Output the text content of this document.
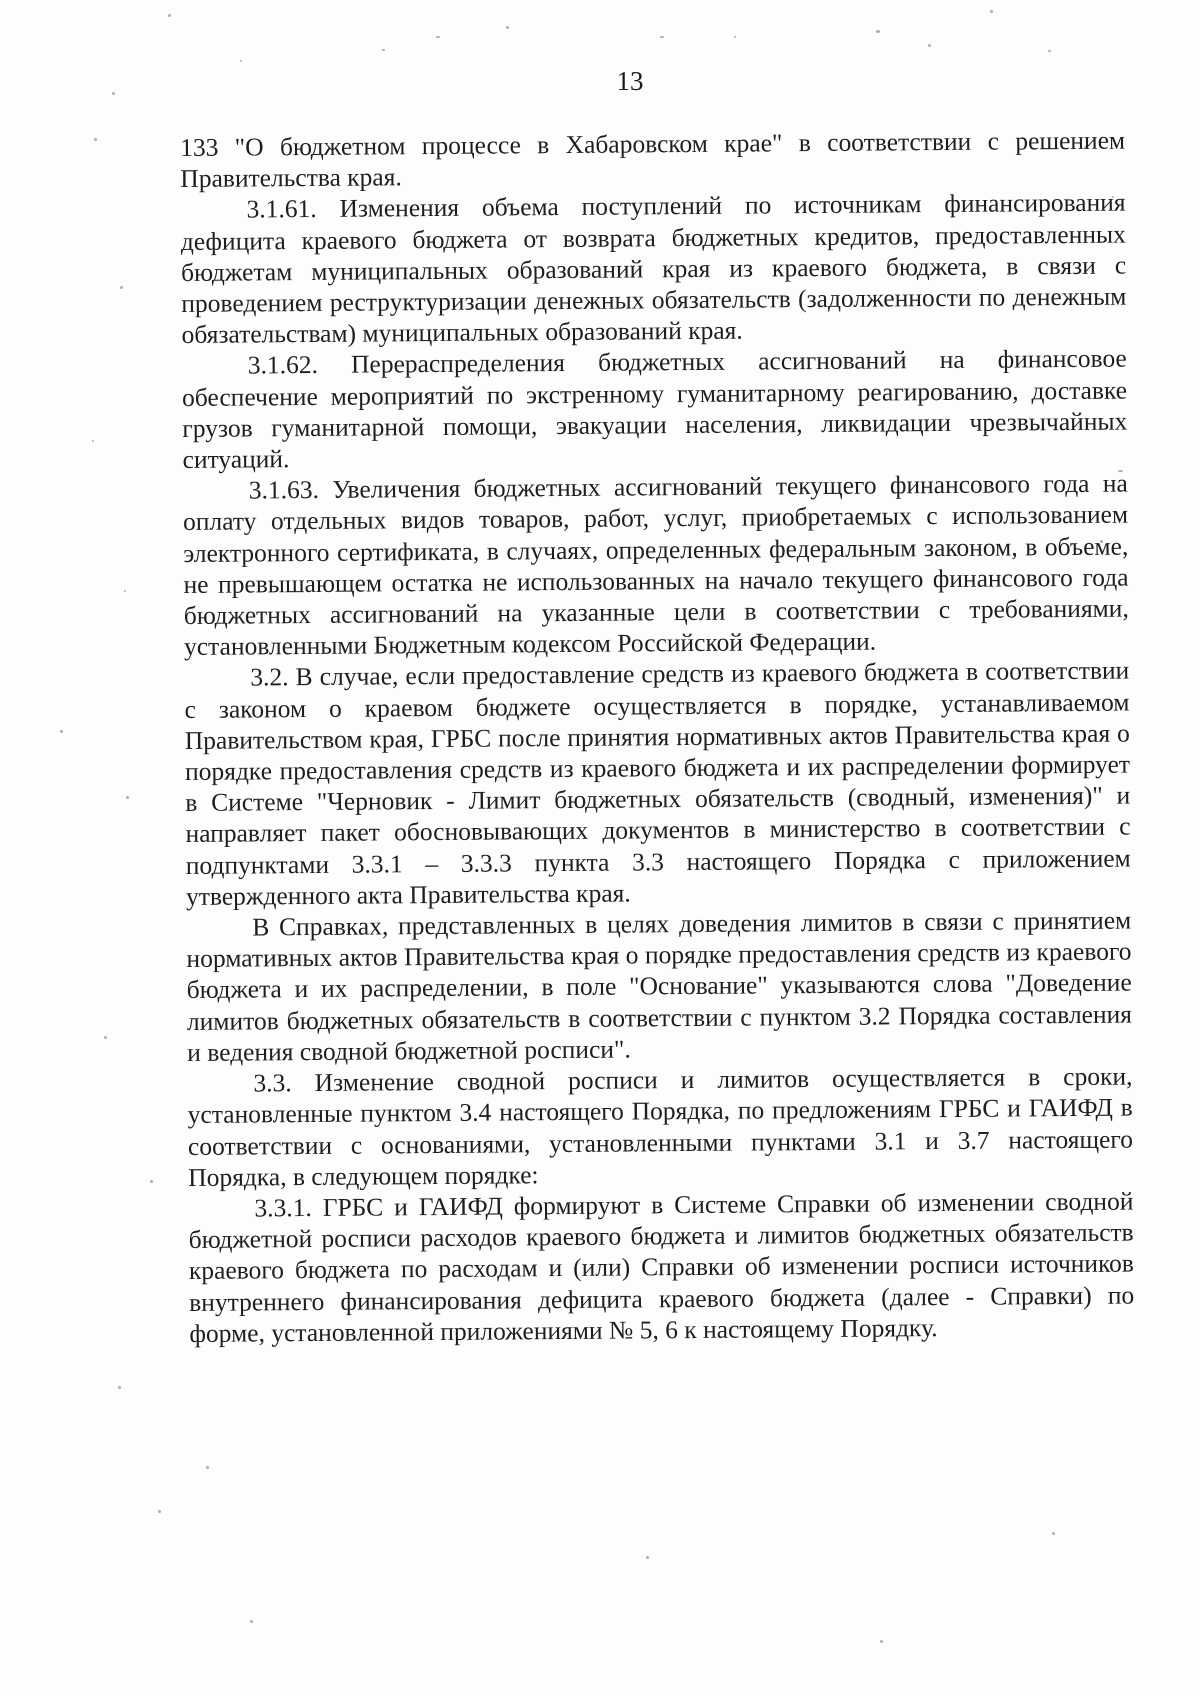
13

133 "О бюджетном процессе в Хабаровском крае" в соответствии с решением Правительства края.

3.1.61. Изменения объема поступлений по источникам финансирования дефицита краевого бюджета от возврата бюджетных кредитов, предоставленных бюджетам муниципальных образований края из краевого бюджета, в связи с проведением реструктуризации денежных обязательств (задолженности по денежным обязательствам) муниципальных образований края.

3.1.62. Перераспределения бюджетных ассигнований на финансовое обеспечение мероприятий по экстренному гуманитарному реагированию, доставке грузов гуманитарной помощи, эвакуации населения, ликвидации чрезвычайных ситуаций.

3.1.63. Увеличения бюджетных ассигнований текущего финансового года на оплату отдельных видов товаров, работ, услуг, приобретаемых с использованием электронного сертификата, в случаях, определенных федеральным законом, в объеме, не превышающем остатка не использованных на начало текущего финансового года бюджетных ассигнований на указанные цели в соответствии с требованиями, установленными Бюджетным кодексом Российской Федерации.

3.2. В случае, если предоставление средств из краевого бюджета в соответствии с законом о краевом бюджете осуществляется в порядке, устанавливаемом Правительством края, ГРБС после принятия нормативных актов Правительства края о порядке предоставления средств из краевого бюджета и их распределении формирует в Системе "Черновик - Лимит бюджетных обязательств (сводный, изменения)" и направляет пакет обосновывающих документов в министерство в соответствии с подпунктами 3.3.1 – 3.3.3 пункта 3.3 настоящего Порядка с приложением утвержденного акта Правительства края.

В Справках, представленных в целях доведения лимитов в связи с принятием нормативных актов Правительства края о порядке предоставления средств из краевого бюджета и их распределении, в поле "Основание" указываются слова "Доведение лимитов бюджетных обязательств в соответствии с пунктом 3.2 Порядка составления и ведения сводной бюджетной росписи".

3.3. Изменение сводной росписи и лимитов осуществляется в сроки, установленные пунктом 3.4 настоящего Порядка, по предложениям ГРБС и ГАИФД в соответствии с основаниями, установленными пунктами 3.1 и 3.7 настоящего Порядка, в следующем порядке:

3.3.1. ГРБС и ГАИФД формируют в Системе Справки об изменении сводной бюджетной росписи расходов краевого бюджета и лимитов бюджетных обязательств краевого бюджета по расходам и (или) Справки об изменении росписи источников внутреннего финансирования дефицита краевого бюджета (далее - Справки) по форме, установленной приложениями № 5, 6 к настоящему Порядку.
